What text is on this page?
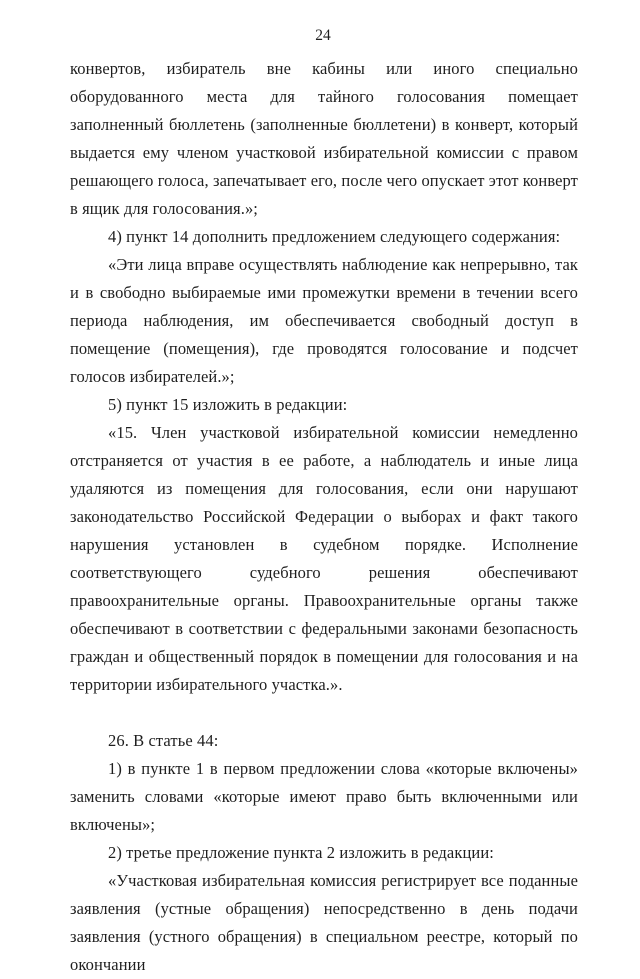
24

конвертов, избиратель вне кабины или иного специально оборудованного места для тайного голосования помещает заполненный бюллетень (заполненные бюллетени) в конверт, который выдается ему членом участковой избирательной комиссии с правом решающего голоса, запечатывает его, после чего опускает этот конверт в ящик для голосования.»;

4) пункт 14 дополнить предложением следующего содержания:

«Эти лица вправе осуществлять наблюдение как непрерывно, так и в свободно выбираемые ими промежутки времени в течении всего периода наблюдения, им обеспечивается свободный доступ в помещение (помещения), где проводятся голосование и подсчет голосов избирателей.»;

5) пункт 15 изложить в редакции:

«15. Член участковой избирательной комиссии немедленно отстраняется от участия в ее работе, а наблюдатель и иные лица удаляются из помещения для голосования, если они нарушают законодательство Российской Федерации о выборах и факт такого нарушения установлен в судебном порядке. Исполнение соответствующего судебного решения обеспечивают правоохранительные органы. Правоохранительные органы также обеспечивают в соответствии с федеральными законами безопасность граждан и общественный порядок в помещении для голосования и на территории избирательного участка.».

26. В статье 44:

1) в пункте 1 в первом предложении слова «которые включены» заменить словами «которые имеют право быть включенными или включены»;

2) третье предложение пункта 2 изложить в редакции:

«Участковая избирательная комиссия регистрирует все поданные заявления (устные обращения) непосредственно в день подачи заявления (устного обращения) в специальном реестре, который по окончании
